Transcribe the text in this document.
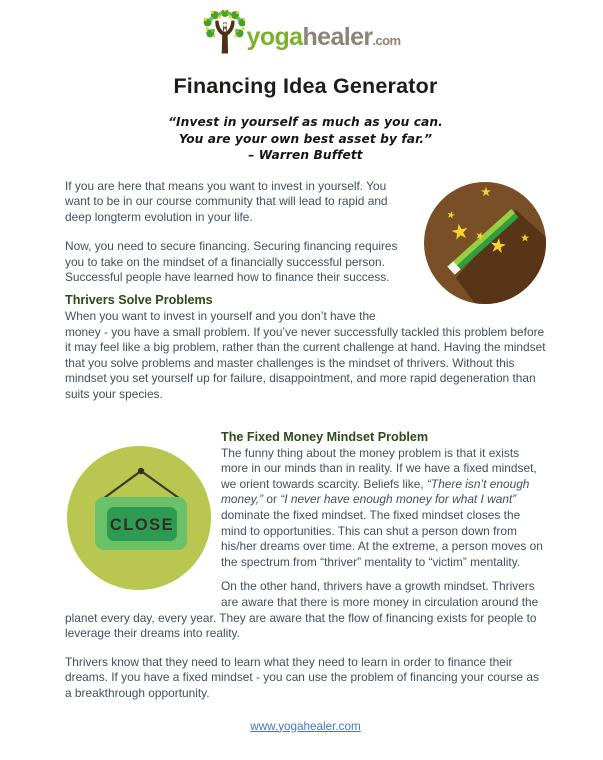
yogahealer.com
Financing Idea Generator
“Invest in yourself as much as you can.
You are your own best asset by far.”
– Warren Buffett

If you are here that means you want to invest in yourself. You want to be in our course community that will lead to rapid and deep longterm evolution in your life.

Now, you need to secure financing. Securing financing requires you to take on the mindset of a financially successful person. Successful people have learned how to finance their success.

Thrivers Solve Problems

When you want to invest in yourself and you don’t have the money - you have a small problem. If you’ve never successfully tackled this problem before it may feel like a big problem, rather than the current challenge at hand. Having the mindset that you solve problems and master challenges is the mindset of thrivers. Without this mindset you set yourself up for failure, disappointment, and more rapid degeneration than suits your species.

CLOSE
The Fixed Money Mindset Problem

The funny thing about the money problem is that it exists more in our minds than in reality. If we have a fixed mindset, we orient towards scarcity. Beliefs like, “There isn’t enough money,” or “I never have enough money for what I want” dominate the fixed mindset. The fixed mindset closes the mind to opportunities. This can shut a person down from his/her dreams over time. At the extreme, a person moves on the spectrum from “thriver” mentality to “victim” mentality.

On the other hand, thrivers have a growth mindset. Thrivers are aware that there is more money in circulation around the planet every day, every year. They are aware that the flow of financing exists for people to leverage their dreams into reality.

Thrivers know that they need to learn what they need to learn in order to finance their dreams. If you have a fixed mindset - you can use the problem of financing your course as a breakthrough opportunity.

www.yogahealer.com
